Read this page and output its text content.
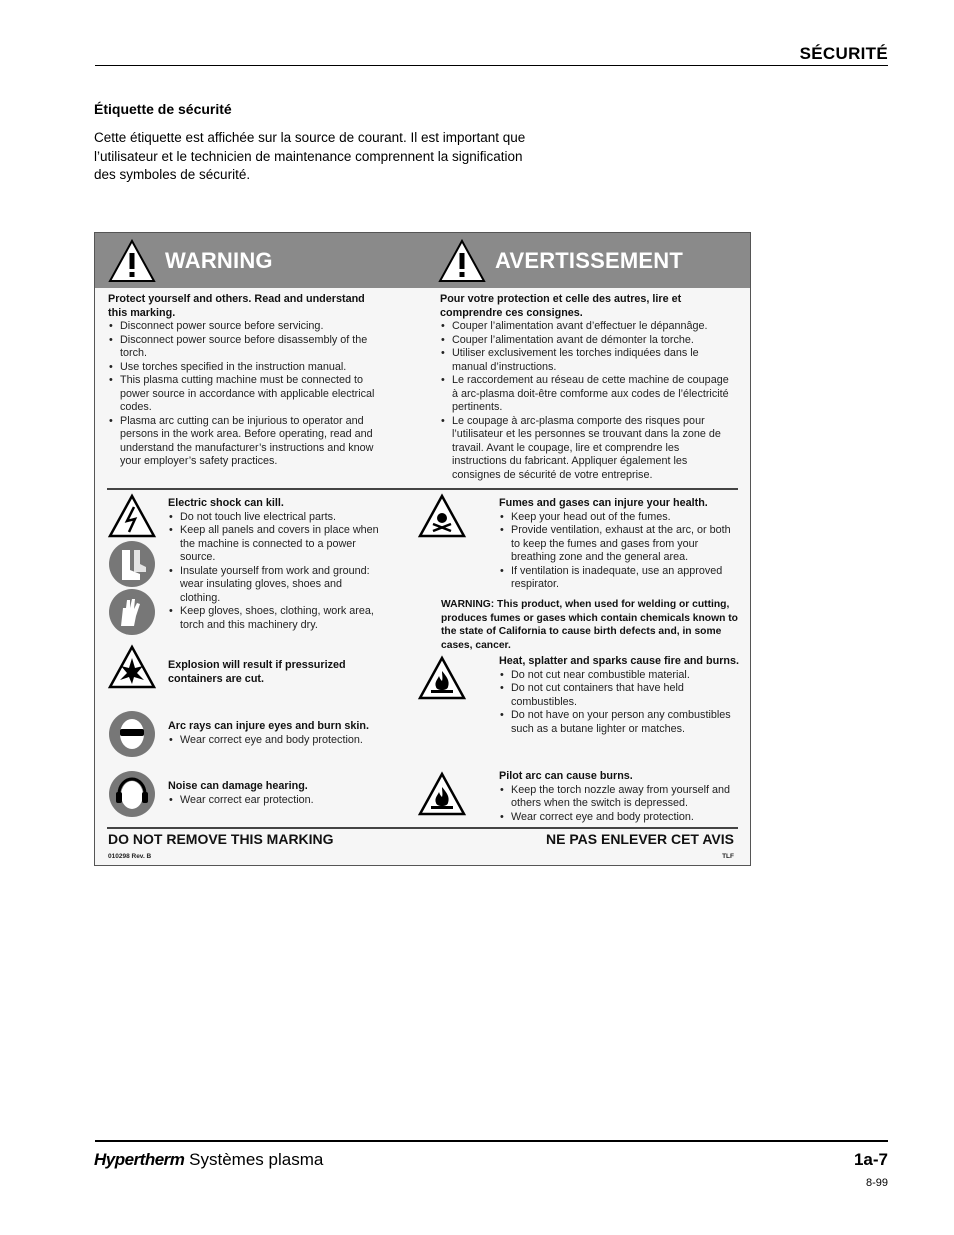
SÉCURITÉ
Étiquette de sécurité
Cette étiquette est affichée sur la source de courant. Il est important que l’utilisateur et le technicien de maintenance comprennent la signification des symboles de sécurité.
WARNING	AVERTISSEMENT
Protect yourself and others. Read and understand this marking.
• Disconnect power source before servicing.
• Disconnect power source before disassembly of the torch.
• Use torches specified in the instruction manual.
• This plasma cutting machine must be connected to power source in accordance with applicable electrical codes.
• Plasma arc cutting can be injurious to operator and persons in the work area. Before operating, read and understand the manufacturer’s instructions and know your employer’s safety practices.
Pour votre protection et celle des autres, lire et comprendre ces consignes.
• Couper l’alimentation avant d’effectuer le dépannâge.
• Couper l’alimentation avant de démonter la torche.
• Utiliser exclusivement les torches indiquées dans le manual d’instructions.
• Le raccordement au réseau de cette machine de coupage à arc-plasma doit-être comforme aux codes de l’électricité pertinents.
• Le coupage à arc-plasma comporte des risques pour l’utilisateur et les personnes se trouvant dans la zone de travail. Avant le coupage, lire et comprendre les instructions du fabricant. Appliquer également les consignes de sécurité de votre entreprise.
Electric shock can kill.
• Do not touch live electrical parts.
• Keep all panels and covers in place when the machine is connected to a power source.
• Insulate yourself from work and ground: wear insulating gloves, shoes and clothing.
• Keep gloves, shoes, clothing, work area, torch and this machinery dry.
Explosion will result if pressurized containers are cut.
Arc rays can injure eyes and burn skin.
• Wear correct eye and body protection.
Noise can damage hearing.
• Wear correct ear protection.
Fumes and gases can injure your health.
• Keep your head out of the fumes.
• Provide ventilation, exhaust at the arc, or both to keep the fumes and gases from your breathing zone and the general area.
• If ventilation is inadequate, use an approved respirator.
WARNING: This product, when used for welding or cutting, produces fumes or gases which contain chemicals known to the state of California to cause birth defects and, in some cases, cancer.
Heat, splatter and sparks cause fire and burns.
• Do not cut near combustible material.
• Do not cut containers that have held combustibles.
• Do not have on your person any combustibles such as a butane lighter or matches.
Pilot arc can cause burns.
• Keep the torch nozzle away from yourself and others when the switch is depressed.
• Wear correct eye and body protection.
DO NOT REMOVE THIS MARKING	NE PAS ENLEVER CET AVIS
010298 Rev. B	TLF
Hypertherm Systèmes plasma	1a-7
8-99
